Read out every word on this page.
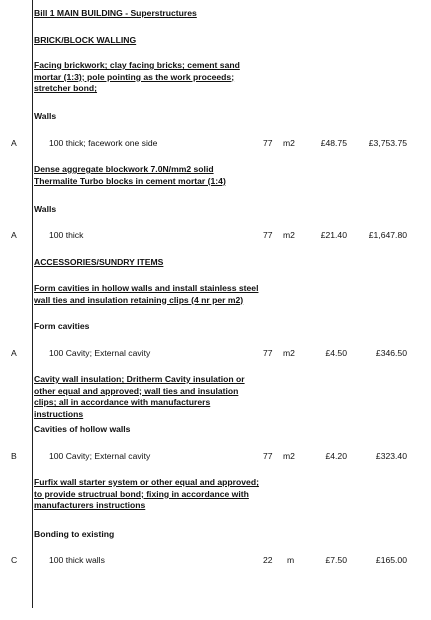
Bill 1 MAIN BUILDING - Superstructures
BRICK/BLOCK WALLING
Facing brickwork; clay facing bricks; cement sand mortar (1:3); pole pointing as the work proceeds; stretcher bond;
Walls
A	100 thick; facework one side	77 m2	£48.75	£3,753.75
Dense aggregate blockwork 7.0N/mm2 solid Thermalite Turbo blocks in cement mortar (1:4)
Walls
A	100 thick	77 m2	£21.40	£1,647.80
ACCESSORIES/SUNDRY ITEMS
Form cavities in hollow walls and install stainless steel wall ties and insulation retaining clips (4 nr per m2)
Form cavities
A	100 Cavity; External cavity	77 m2	£4.50	£346.50
Cavity wall insulation; Dritherm Cavity insulation or other equal and approved; wall ties and insulation clips; all in accordance with manufacturers instructions
Cavities of hollow walls
B	100 Cavity; External cavity	77 m2	£4.20	£323.40
Furfix wall starter system or other equal and approved; to provide structrual bond; fixing in accordance with manufacturers instructions
Bonding to existing
C	100 thick walls	22 m	£7.50	£165.00
